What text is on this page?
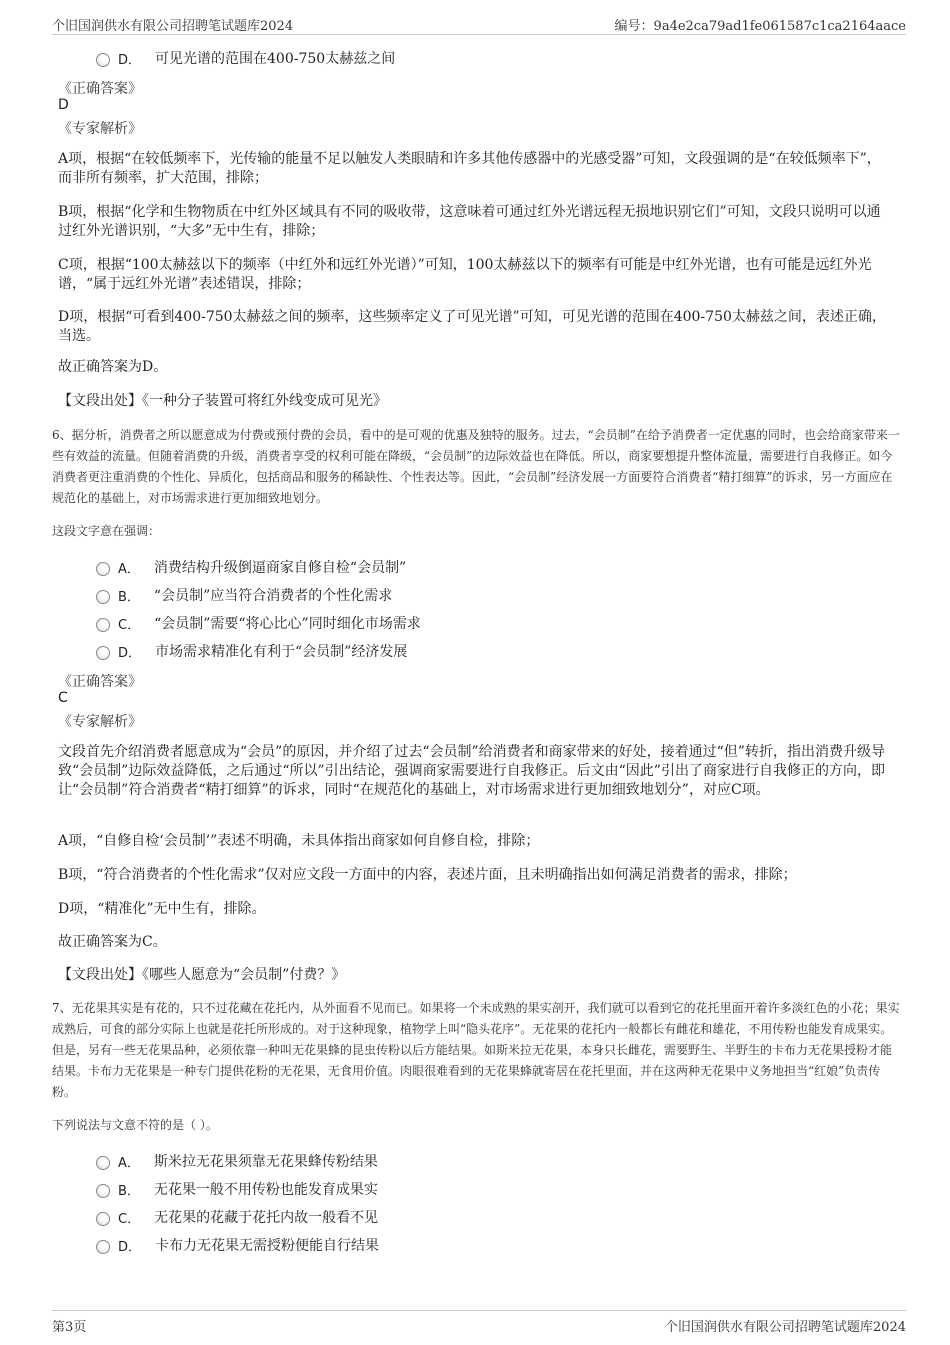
个旧国润供水有限公司招聘笔试题库2024	编号：9a4e2ca79ad1fe061587c1ca2164aace
D． 可见光谱的范围在400-750太赫兹之间
《正确答案》
D
《专家解析》
A项，根据“在较低频率下，光传输的能量不足以触发人类眼睛和许多其他传感器中的光感受器”可知，文段强调的是“在较低频率下”，而非所有频率，扩大范围，排除；
B项，根据“化学和生物物质在中红外区域具有不同的吸收带，这意味着可通过红外光谱远程无损地识别它们”可知，文段只说明可以通过红外光谱识别，“大多”无中生有，排除；
C项，根据“100太赫兹以下的频率（中红外和远红外光谱）”可知，100太赫兹以下的频率有可能是中红外光谱，也有可能是远红外光谱，“属于远红外光谱”表述错误，排除；
D项，根据“可看到400-750太赫兹之间的频率，这些频率定义了可见光谱”可知，可见光谱的范围在400-750太赫兹之间，表述正确，当选。
故正确答案为D。
【文段出处】《一种分子装置可将红外线变成可见光》
6、据分析，消费者之所以愿意成为付费或预付费的会员，看中的是可观的优惠及独特的服务。过去，“会员制”在给予消费者一定优惠的同时，也会给商家带来一些有效益的流量。但随着消费的升级，消费者享受的权利可能在降级，“会员制”的边际效益也在降低。所以，商家要想提升整体流量，需要进行自我修正。如今消费者更注重消费的个性化、异质化，包括商品和服务的稀缺性、个性表达等。因此，“会员制”经济发展一方面要符合消费者“精打细算”的诉求，另一方面应在规范化的基础上，对市场需求进行更加细致地划分。
这段文字意在强调：
A． 消费结构升级倒逼商家自修自检“会员制”
B． “会员制”应当符合消费者的个性化需求
C． “会员制”需要“将心比心”同时细化市场需求
D． 市场需求精准化有利于“会员制”经济发展
《正确答案》
C
《专家解析》
文段首先介绍消费者愿意成为“会员”的原因，并介绍了过去“会员制”给消费者和商家带来的好处，接着通过“但”转折，指出消费升级导致“会员制”边际效益降低，之后通过“所以”引出结论，强调商家需要进行自我修正。后文由“因此”引出了商家进行自我修正的方向，即让“会员制”符合消费者“精打细算”的诉求，同时“在规范化的基础上，对市场需求进行更加细致地划分”，对应C项。
A项，“自修自检‘会员制’”表述不明确，未具体指出商家如何自修自检，排除；
B项，“符合消费者的个性化需求”仅对应文段一方面中的内容，表述片面，且未明确指出如何满足消费者的需求，排除；
D项，“精准化”无中生有，排除。
故正确答案为C。
【文段出处】《哪些人愿意为“会员制”付费？》
7、无花果其实是有花的，只不过花藏在花托内，从外面看不见而已。如果将一个未成熟的果实剖开，我们就可以看到它的花托里面开着许多淡红色的小花；果实成熟后，可食的部分实际上也就是花托所形成的。对于这种现象，植物学上叫“隐头花序”。无花果的花托内一般都长有雌花和雄花，不用传粉也能发育成果实。但是，另有一些无花果品种，必须依靠一种叫无花果蜂的昆虫传粉以后方能结果。如斯米拉无花果，本身只长雌花，需要野生、半野生的卡布力无花果授粉才能结果。卡布力无花果是一种专门提供花粉的无花果，无食用价值。肉眼很难看到的无花果蜂就寄居在花托里面，并在这两种无花果中义务地担当“红娘”负责传粉。
下列说法与文意不符的是（ ）。
A． 斯米拉无花果须靠无花果蜂传粉结果
B． 无花果一般不用传粉也能发育成果实
C． 无花果的花藏于花托内故一般看不见
D． 卡布力无花果无需授粉便能自行结果
第3页	个旧国润供水有限公司招聘笔试题库2024
